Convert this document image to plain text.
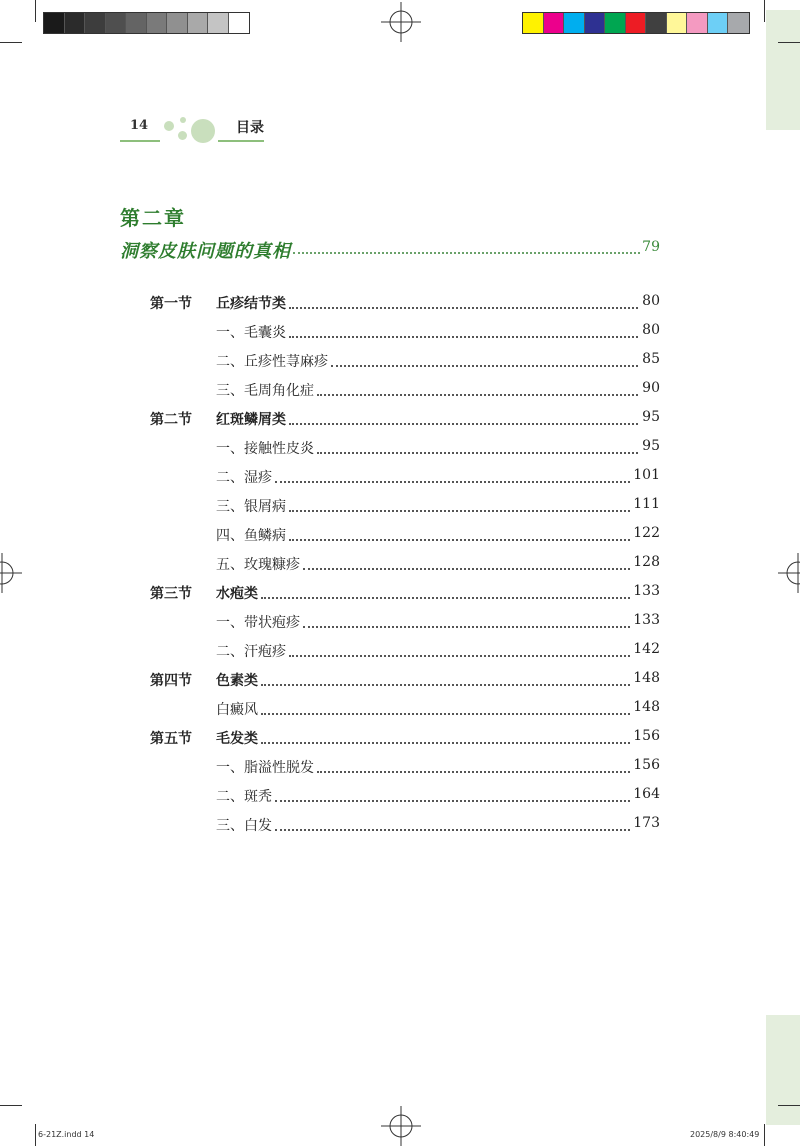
14	目录
第二章
洞察皮肤问题的真相	79
第一节 丘疹结节类	80
一、毛囊炎	80
二、丘疹性荨麻疹	85
三、毛周角化症	90
第二节 红斑鳞屑类	95
一、接触性皮炎	95
二、湿疹	101
三、银屑病	111
四、鱼鳞病	122
五、玫瑰糠疹	128
第三节 水疱类	133
一、带状疱疹	133
二、汗疱疹	142
第四节 色素类	148
白癜风	148
第五节 毛发类	156
一、脂溢性脱发	156
二、斑秃	164
三、白发	173
6-21Z.indd 14	2025/8/9 8:40:49
